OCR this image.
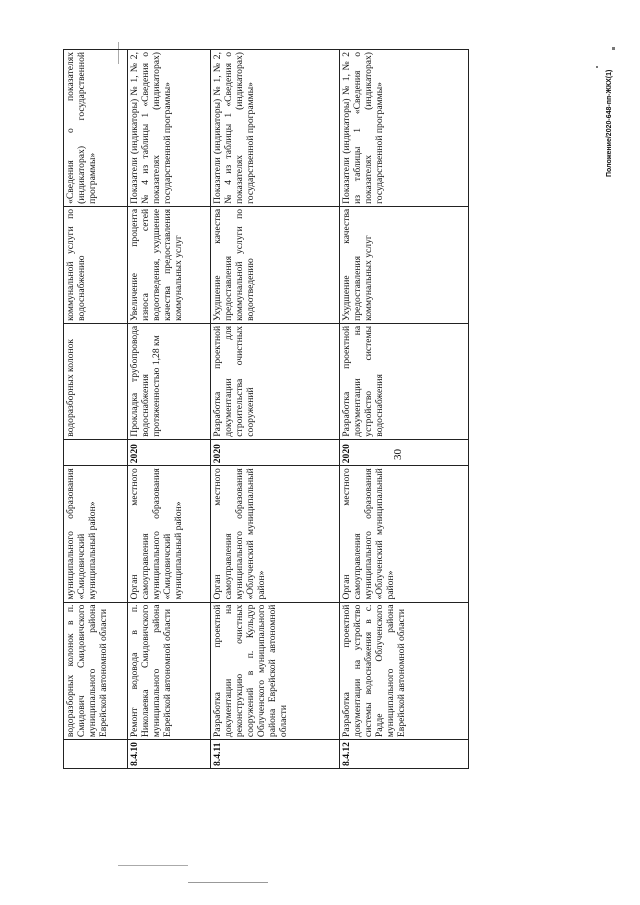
30
	водоразборных колонок в п. Смидович Смидовичского муниципального района Еврейской автономной области	муниципального образования «Смидовичский муниципальный район»		водоразборных колонок	коммунальной услуги по водоснабжению	«Сведения о показателях (индикаторах) государственной программы»
8.4.10	Ремонт водовода в п. Николаевка Смидовичского муниципального района Еврейской автономной области	Орган местного самоуправления муниципального образования «Смидовичский муниципальный район»	2020	Прокладка трубопровода водоснабжения протяженностью 1,28 км	Увеличение процента износа сетей водоотведения, ухудшение качества предоставления коммунальных услуг	Показатели (индикаторы) № 1, № 2, № 4 из таблицы 1 «Сведения о показателях (индикаторах) государственной программы»
8.4.11	Разработка проектной документации на реконструкцию очистных сооружений в п. Кульдур Облученского муниципального района Еврейской автономной области	Орган местного самоуправления муниципального образования «Облученский муниципальный район»	2020	Разработка проектной документации для строительства очистных сооружений	Ухудшение качества предоставления коммунальной услуги по водоотведению	Показатели (индикаторы) № 1, № 2, № 4 из таблицы 1 «Сведения о показателях (индикаторах) государственной программы»
8.4.12	Разработка проектной документации на устройство системы водоснабжения в с. Радде Облученского муниципального района Еврейской автономной области	Орган местного самоуправления муниципального образования «Облученский муниципальный район»	2020	Разработка проектной документации на устройство системы водоснабжения	Ухудшение качества предоставления коммунальных услуг	Показатели (индикаторы) № 1, № 2 из таблицы 1 «Сведения о показателях (индикаторах) государственной программы»	Положение/2020-648-пп-ЖКХ(1)
